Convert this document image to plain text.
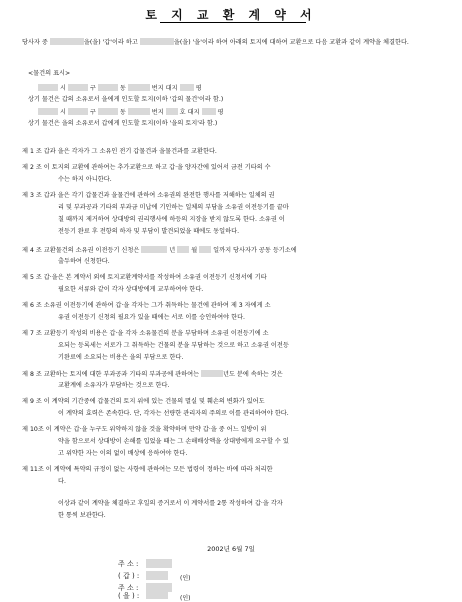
토 지 교 환 계 약 서
당사자 중	을(을) '갑'이라 하고	을(을) '을'이라 하여 아래의 토지에 대하여 교환으로 다음 교환과 같이 계약을 체결한다.
<물건의 표시>
시	구	동	번지 대지	평
상기 물건은 갑의 소유로서 을에게 인도할 토지(이하 '갑의 물건'이라 함.)
시	구	동	번지	호 대지	평
상기 물건은 을의 소유로서 갑에게 인도할 토지(이하 '을의 토지'라 함.)
제 1 조 갑과 을은 각자가 그 소유인 전기 갑물건과 을물건과를 교환한다.
제 2 조 이 토지의 교환에 관하여는 추가교환으로 하고 갑·을 양자간에 있어서 금전 기타의 수
수는 하지 아니한다.
제 3 조 갑과 을은 각기 갑물건과 을물건에 관하여 소유권의 완전한 행사를 저해하는 일체의 권
리 및 부과공과 기타의 부과금 미납에 기인하는 일체의 부담을 소유권 이전등기를 끝마
칠 때까지 제거하여 상대방의 권리행사에 하등의 지장을 받지 않도록 한다. 소유권 이
전등기 완료 후 전항의 하자 및 부담이 발견되었을 때에도 동일하다.
제 4 조 교환물건의 소유권 이전등기 신청은	년	월	일까지 당사자가 공동 등기소에
출두하여 신청한다.
제 5 조 갑·을은 본 계약서 외에 토지교환계약서를 작성하여 소유권 이전등기 신청서에 기타
필요한 서류와 같이 각자 상대방에게 교부하여야 한다.
제 6 조 소유권 이전등기에 관하여 갑·을 각자는 그가 취득하는 물건에 관하여 제 3 자에게 소
유권 이전등기 신청의 필요가 있을 때에는 서로 이를 승인하여야 한다.
제 7 조 교환등기 작성의 비용은 갑·을 각자 소유물건의 분을 부담하며 소유권 이전등기에 소
요되는 등록세는 서로가 그 취득하는 건물의 분을 부담하는 것으로 하고 소유권 이전등
기완료에 소요되는 비용은 을의 부담으로 한다.
제 8 조 교환하는 토지에 대한 부과공과 기타의 부과공에 관하여는	년도 분에 속하는 것은
교환계에 소유자가 부담하는 것으로 한다.
제 9 조 이 계약의 기간중에 갑물건의 토지 위에 있는 건물의 멸실 및 훼손의 변화가 있어도
이 계약의 효력은 존속한다. 단, 각자는 선량한 관리자의 주의로 이를 관리하여야 한다.
제 10조 이 계약은 갑·을 누구도 위약하지 않을 것을 확약하며 만약 갑·을 중 어느 일방이 위
약을 함으로서 상대방이 손해를 입었을 때는 그 손해배상액을 상대방에게 요구할 수 있
고 위약한 자는 이의 없이 배상에 응하여야 한다.
제 11조 이 계약에 특약의 규정이 없는 사항에 관하여는 모든 법령이 정하는 바에 따라 처리한
다.
이상과 같이 계약을 체결하고 후일의 증거로서 이 계약서를 2통 작성하여 갑·을 각자
한 통씩 보관한다.
2002년 6월 7일
주 소 :
( 갑 ) :	(인)
주 소 :
( 을 ) :	(인)
